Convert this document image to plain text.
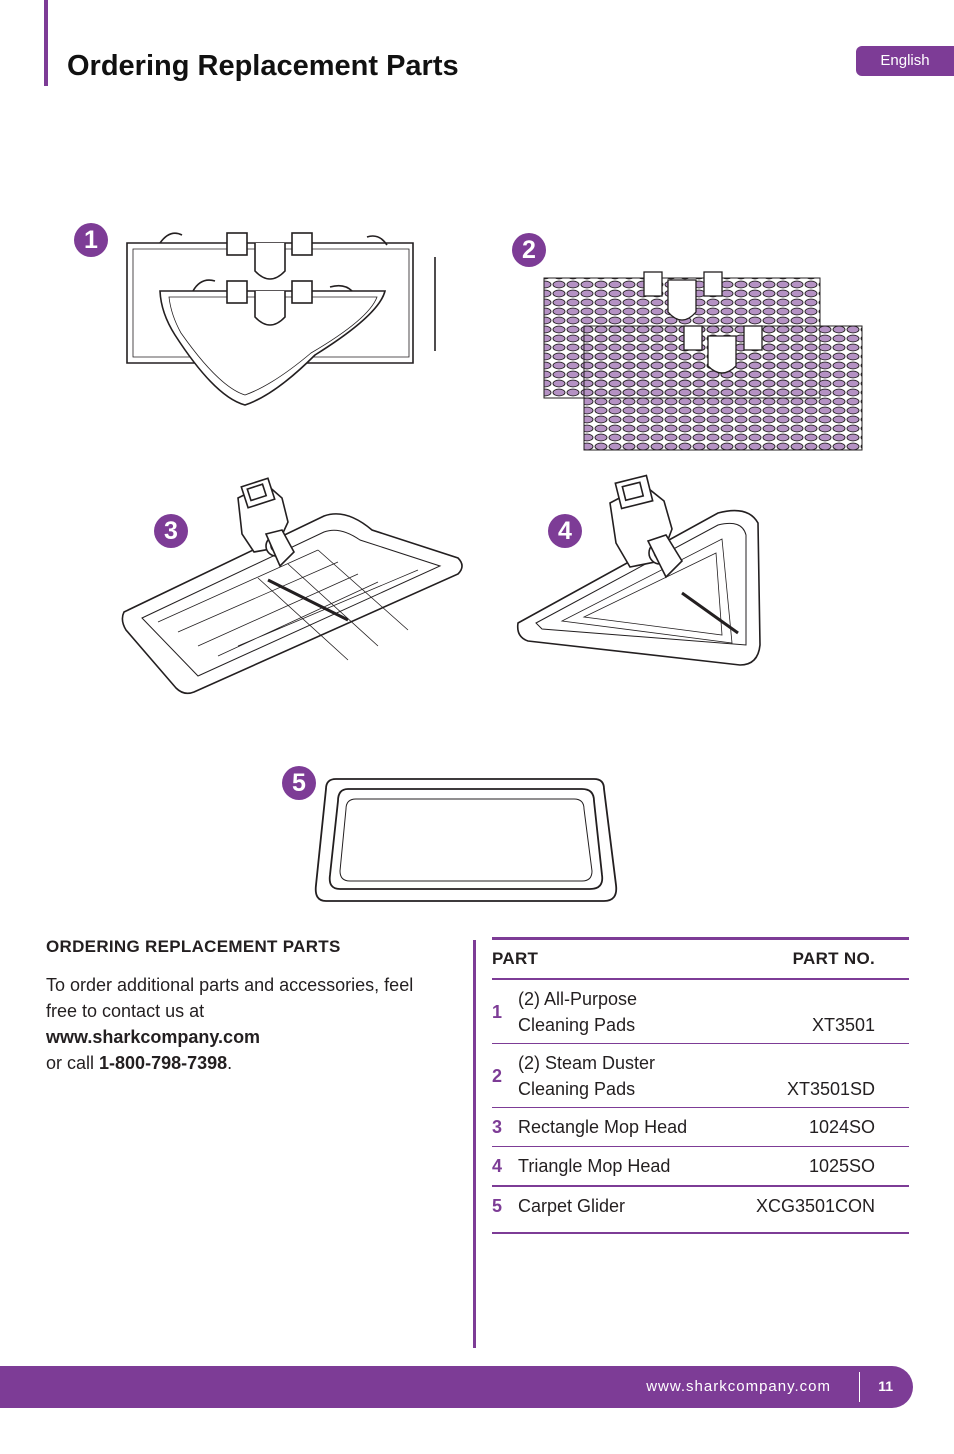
Ordering Replacement Parts	English
1	2
3	4
5
ORDERING REPLACEMENT PARTS

To order additional parts and accessories, feel free to contact us at
www.sharkcompany.com
or call 1-800-798-7398.

PART	PART NO.
1
(2) All-Purpose
Cleaning Pads	XT3501
2
(2) Steam Duster
Cleaning Pads	XT3501SD
3 Rectangle Mop Head	1024SO
4 Triangle Mop Head	1025SO
5 Carpet Glider	XCG3501CON
www.sharkcompany.com	11
